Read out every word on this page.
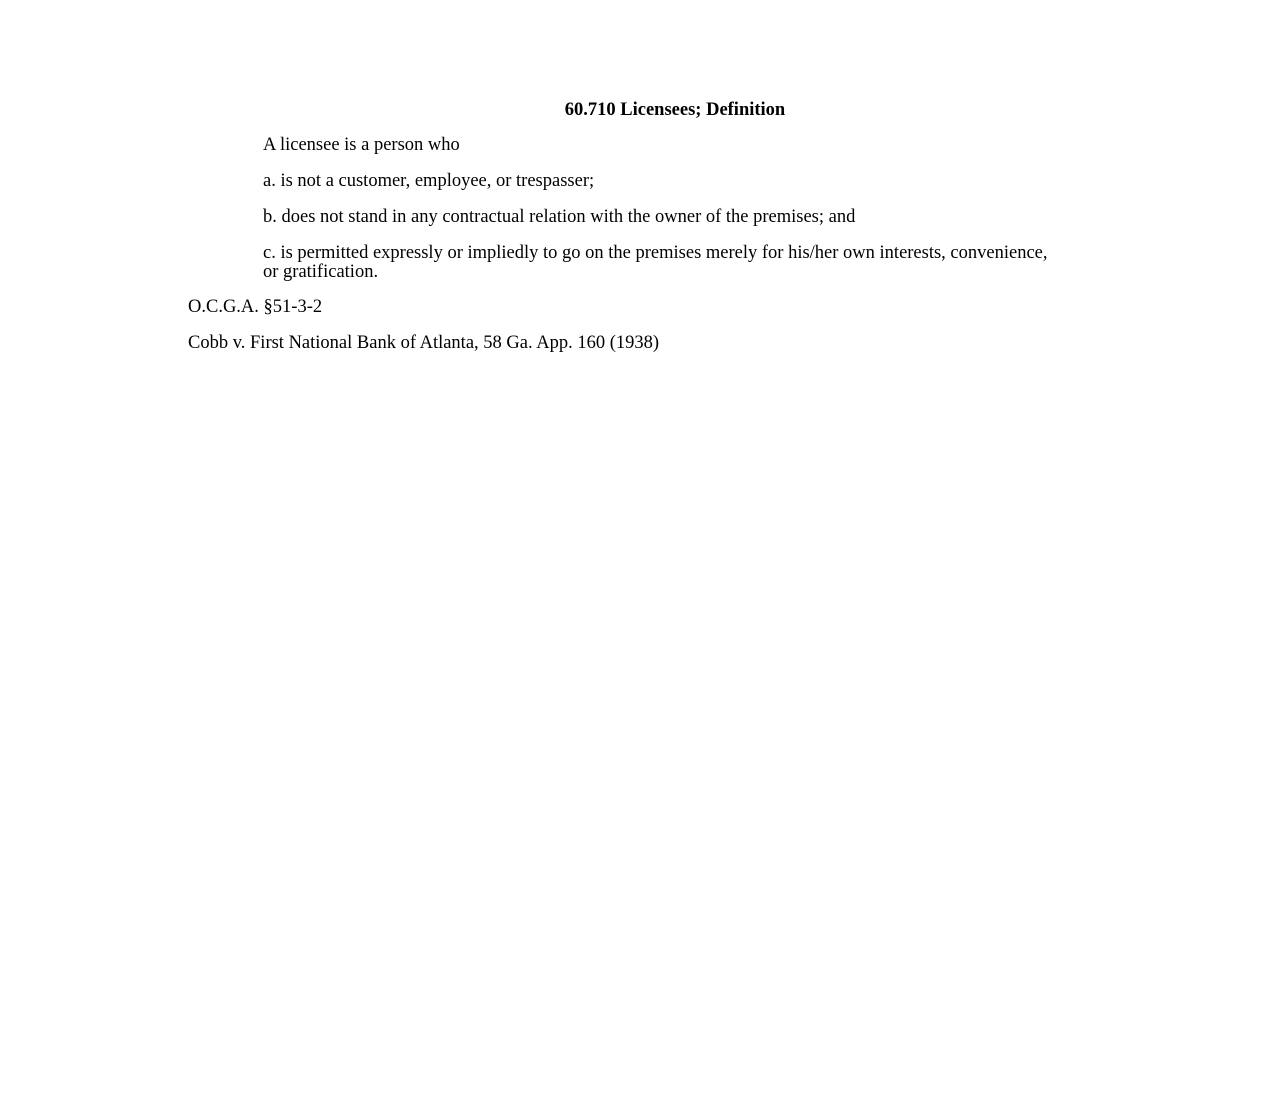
60.710 Licensees; Definition

A licensee is a person who

a. is not a customer, employee, or trespasser;

b. does not stand in any contractual relation with the owner of the premises; and

c. is permitted expressly or impliedly to go on the premises merely for his/her own interests, convenience, or gratification.

O.C.G.A. §51-3-2

Cobb v. First National Bank of Atlanta, 58 Ga. App. 160 (1938)
